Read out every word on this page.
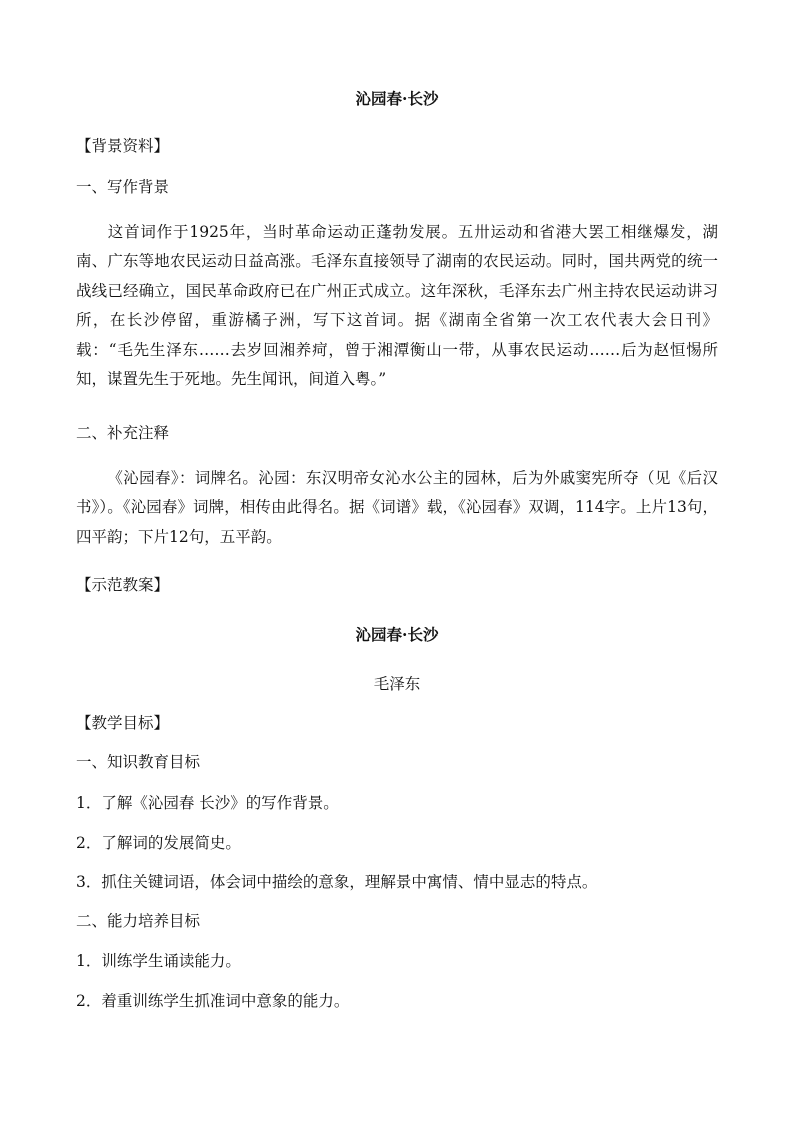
沁园春·长沙
【背景资料】
一、写作背景
这首词作于1925年，当时革命运动正蓬勃发展。五卅运动和省港大罢工相继爆发，湖南、广东等地农民运动日益高涨。毛泽东直接领导了湖南的农民运动。同时，国共两党的统一战线已经确立，国民革命政府已在广州正式成立。这年深秋，毛泽东去广州主持农民运动讲习所，在长沙停留，重游橘子洲，写下这首词。据《湖南全省第一次工农代表大会日刊》载：“毛先生泽东……去岁回湘养疴，曾于湘潭衡山一带，从事农民运动……后为赵恒惕所知，谋置先生于死地。先生闻讯，间道入粤。”
二、补充注释
《沁园春》：词牌名。沁园：东汉明帝女沁水公主的园林，后为外戚窦宪所夺（见《后汉书》）。《沁园春》词牌，相传由此得名。据《词谱》载，《沁园春》双调，114字。上片13句，四平韵；下片12句，五平韵。
【示范教案】
沁园春·长沙
毛泽东
【教学目标】
一、知识教育目标
1．了解《沁园春 长沙》的写作背景。
2．了解词的发展简史。
3．抓住关键词语，体会词中描绘的意象，理解景中寓情、情中显志的特点。
二、能力培养目标
1．训练学生诵读能力。
2．着重训练学生抓准词中意象的能力。
